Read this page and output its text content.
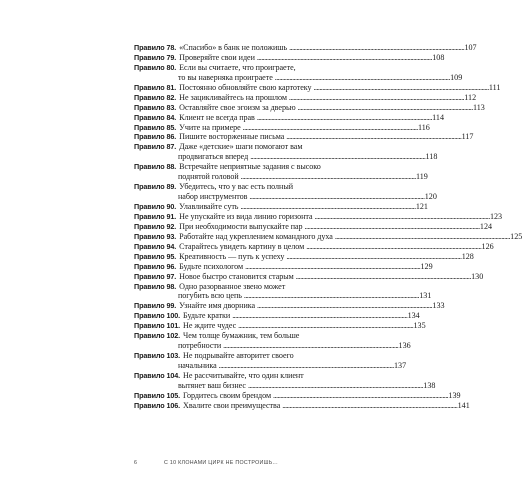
Правило 78. «Спасибо» в банк не положишь . . .	107
Правило 79. Проверяйте свои идеи . . .	108
Правило 80. Если вы считаете, что проиграете,
то вы наверняка проиграете . . .	109
Правило 81. Постоянно обновляйте свою картотеку . . .	111
Правило 82. Не зацикливайтесь на прошлом . . .	112
Правило 83. Оставляйте свое эгоизм за дверью . . .	113
Правило 84. Клиент не всегда прав . . .	114
Правило 85. Учите на примере . . .	116
Правило 86. Пишите восторженные письма . . .	117
Правило 87. Даже «детские» шаги помогают вам
продвигаться вперед . . .	118
Правило 88. Встречайте неприятные задания с высоко
поднятой головой . . .	119
Правило 89. Убедитесь, что у вас есть полный
набор инструментов . . .	120
Правило 90. Улавливайте суть . . .	121
Правило 91. Не упускайте из вида линию горизонта . . .	123
Правило 92. При необходимости выпускайте пар . . .	124
Правило 93. Работайте над укреплением командного духа . . .	125
Правило 94. Старайтесь увидеть картину в целом . . .	126
Правило 95. Креативность — путь к успеху . . .	128
Правило 96. Будьте психологом . . .	129
Правило 97. Новое быстро становится старым . . .	130
Правило 98. Одно разорванное звено может
погубить всю цепь . . .	131
Правило 99. Узнайте имя дворника . . .	133
Правило 100. Будьте кратки . . .	134
Правило 101. Не ждите чудес . . .	135
Правило 102. Чем толще бумажник, тем больше
потребности . . .	136
Правило 103. Не подрывайте авторитет своего
начальника . . .	137
Правило 104. Не рассчитывайте, что один клиент
вытянет ваш бизнес . . .	138
Правило 105. Гордитесь своим брендом . . .	139
Правило 106. Хвалите свои преимущества . . .	141
6	С 10 КЛОНАМИ ЦИРК НЕ ПОСТРОИШЬ...
